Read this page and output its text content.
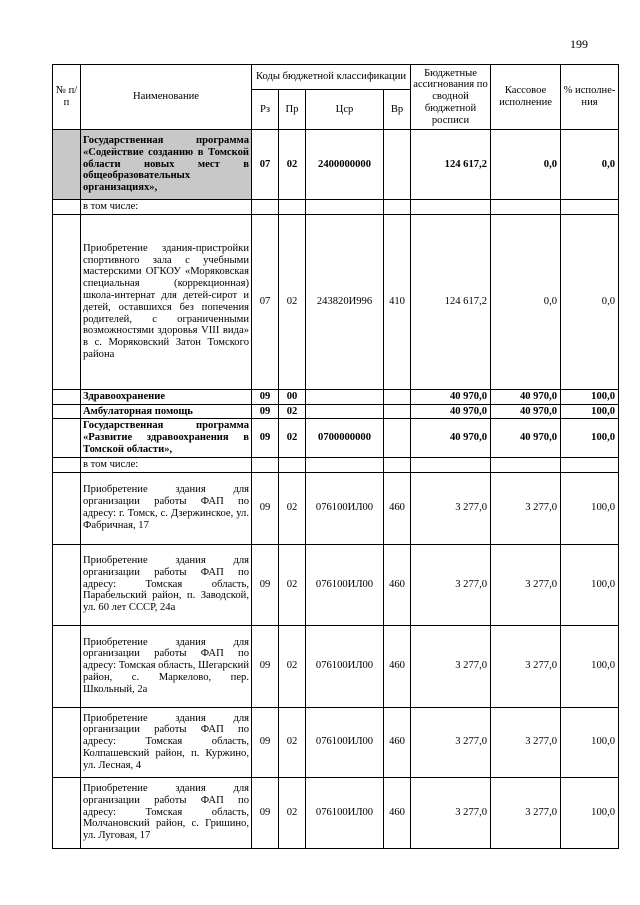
199
№ п/п	Наименование	Коды бюджетной классификации				Бюджетные ассигнования по сводной бюджетной росписи	Кассовое исполнение	% исполне-ния
		Рз	Пр	Цср	Вр			
	Государственная программа «Содействие созданию в Томской области новых мест в общеобразовательных организациях»,	07	02	2400000000		124 617,2	0,0	0,0
	в том числе:							
	Приобретение здания-пристройки спортивного зала с учебными мастерскими ОГКОУ «Моряковская специальная (коррекционная) школа-интернат для детей-сирот и детей, оставшихся без попечения родителей, с ограниченными возможностями здоровья VIII вида» в с. Моряковский Затон Томского района	07	02	243820И996	410	124 617,2	0,0	0,0
	Здравоохранение	09	00			40 970,0	40 970,0	100,0
	Амбулаторная помощь	09	02			40 970,0	40 970,0	100,0
	Государственная программа «Развитие здравоохранения в Томской области»,	09	02	0700000000		40 970,0	40 970,0	100,0
	в том числе:							
	Приобретение здания для организации работы ФАП по адресу: г. Томск, с. Дзержинское, ул. Фабричная, 17	09	02	076100ИЛ00	460	3 277,0	3 277,0	100,0
	Приобретение здания для организации работы ФАП по адресу: Томская область, Парабельский район, п. Заводской, ул. 60 лет СССР, 24а	09	02	076100ИЛ00	460	3 277,0	3 277,0	100,0
	Приобретение здания для организации работы ФАП по адресу: Томская область, Шегарский район, с. Маркелово, пер. Школьный, 2а	09	02	076100ИЛ00	460	3 277,0	3 277,0	100,0
	Приобретение здания для организации работы ФАП по адресу: Томская область, Колпашевский район, п. Куржино, ул. Лесная, 4	09	02	076100ИЛ00	460	3 277,0	3 277,0	100,0
	Приобретение здания для организации работы ФАП по адресу: Томская область, Молчановский район, с. Гришино, ул. Луговая, 17	09	02	076100ИЛ00	460	3 277,0	3 277,0	100,0
